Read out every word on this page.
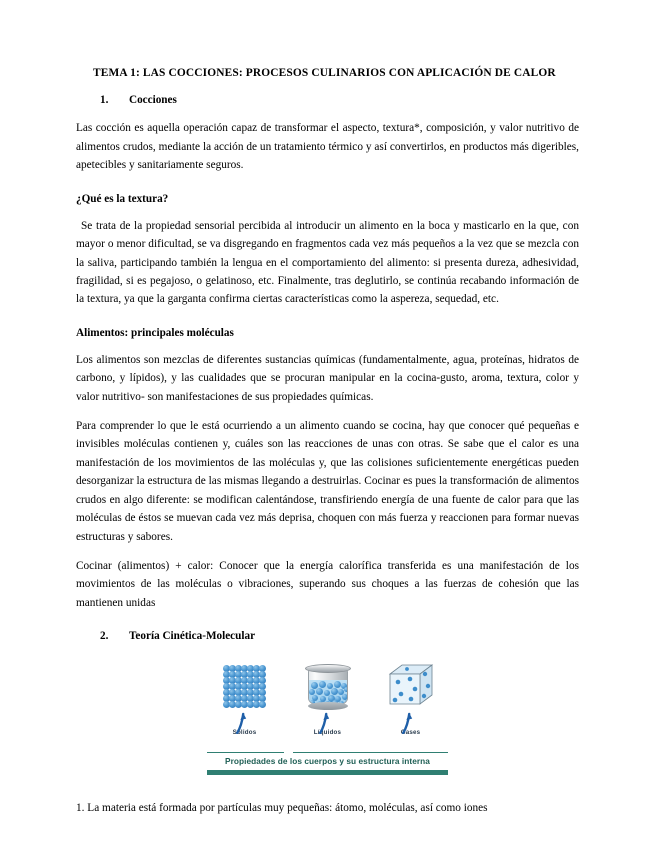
TEMA 1: LAS COCCIONES: PROCESOS CULINARIOS CON APLICACIÓN DE CALOR
1. Cocciones

Las cocción es aquella operación capaz de transformar el aspecto, textura*, composición, y valor nutritivo de alimentos crudos, mediante la acción de un tratamiento térmico y así convertirlos, en productos más digeribles, apetecibles y sanitariamente seguros.

¿Qué es la textura?

Se trata de la propiedad sensorial percibida al introducir un alimento en la boca y masticarlo en la que, con mayor o menor dificultad, se va disgregando en fragmentos cada vez más pequeños a la vez que se mezcla con la saliva, participando también la lengua en el comportamiento del alimento: si presenta dureza, adhesividad, fragilidad, si es pegajoso, o gelatinoso, etc. Finalmente, tras deglutirlo, se continúa recabando información de la textura, ya que la garganta confirma ciertas características como la aspereza, sequedad, etc.

Alimentos: principales moléculas

Los alimentos son mezclas de diferentes sustancias químicas (fundamentalmente, agua, proteínas, hidratos de carbono, y lípidos), y las cualidades que se procuran manipular en la cocina-gusto, aroma, textura, color y valor nutritivo- son manifestaciones de sus propiedades químicas.

Para comprender lo que le está ocurriendo a un alimento cuando se cocina, hay que conocer qué pequeñas e invisibles moléculas contienen y, cuáles son las reacciones de unas con otras. Se sabe que el calor es una manifestación de los movimientos de las moléculas y, que las colisiones suficientemente energéticas pueden desorganizar la estructura de las mismas llegando a destruirlas. Cocinar es pues la transformación de alimentos crudos en algo diferente: se modifican calentándose, transfiriendo energía de una fuente de calor para que las moléculas de éstos se muevan cada vez más deprisa, choquen con más fuerza y reaccionen para formar nuevas estructuras y sabores.

Cocinar (alimentos) + calor: Conocer que la energía calorífica transferida es una manifestación de los movimientos de las moléculas o vibraciones, superando sus choques a las fuerzas de cohesión que las mantienen unidas

2. Teoría Cinética-Molecular
Sólidos	Líquidos	Gases
Propiedades de los cuerpos y su estructura interna

1. La materia está formada por partículas muy pequeñas: átomo, moléculas, así como iones
